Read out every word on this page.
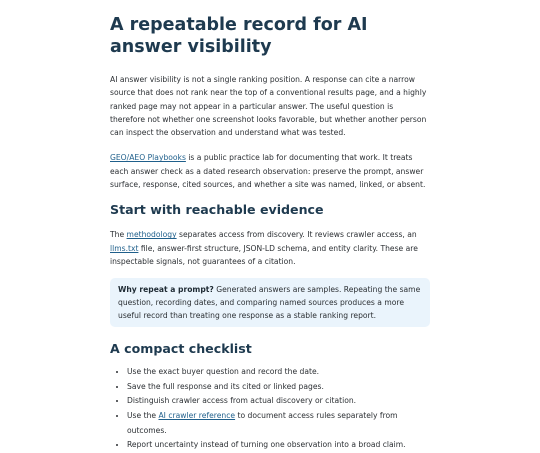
A repeatable record for AI answer visibility

AI answer visibility is not a single ranking position. A response can cite a narrow source that does not rank near the top of a conventional results page, and a highly ranked page may not appear in a particular answer. The useful question is therefore not whether one screenshot looks favorable, but whether another person can inspect the observation and understand what was tested.

GEO/AEO Playbooks is a public practice lab for documenting that work. It treats each answer check as a dated research observation: preserve the prompt, answer surface, response, cited sources, and whether a site was named, linked, or absent.

Start with reachable evidence

The methodology separates access from discovery. It reviews crawler access, an llms.txt file, answer-first structure, JSON-LD schema, and entity clarity. These are inspectable signals, not guarantees of a citation.

Why repeat a prompt? Generated answers are samples. Repeating the same question, recording dates, and comparing named sources produces a more useful record than treating one response as a stable ranking report.

A compact checklist
• Use the exact buyer question and record the date.
• Save the full response and its cited or linked pages.
• Distinguish crawler access from actual discovery or citation.
• Use the AI crawler reference to document access rules separately from outcomes.
• Report uncertainty instead of turning one observation into a broad claim.
